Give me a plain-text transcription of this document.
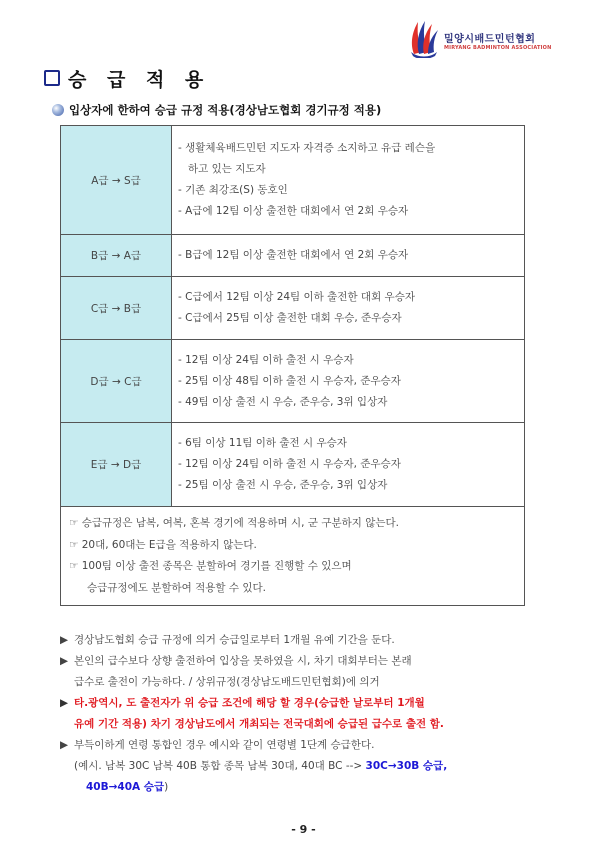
밀양시배드민턴협회
MIRYANG BADMINTON ASSOCIATION
승 급 적 용
입상자에 한하여 승급 규정 적용(경상남도협회 경기규정 적용)
A급 → S급	- 생활체육배드민턴 지도자 자격증 소지하고 유급 레슨을
하고 있는 지도자
- 기존 최강조(S) 동호인
- A급에 12팀 이상 출전한 대회에서 연 2회 우승자

B급 → A급	- B급에 12팀 이상 출전한 대회에서 연 2회 우승자

C급 → B급	- C급에서 12팀 이상 24팀 이하 출전한 대회 우승자
- C급에서 25팀 이상 출전한 대회 우승, 준우승자

D급 → C급	- 12팀 이상 24팀 이하 출전 시 우승자
- 25팀 이상 48팀 이하 출전 시 우승자, 준우승자
- 49팀 이상 출전 시 우승, 준우승, 3위 입상자

E급 → D급	- 6팀 이상 11팀 이하 출전 시 우승자
- 12팀 이상 24팀 이하 출전 시 우승자, 준우승자
- 25팀 이상 출전 시 우승, 준우승, 3위 입상자

☞ 승급규정은 남복, 여복, 혼복 경기에 적용하며 시, 군 구분하지 않는다.
☞ 20대, 60대는 E급을 적용하지 않는다.
☞ 100팀 이상 출전 종목은 분할하여 경기를 진행할 수 있으며
승급규정에도 분할하여 적용할 수 있다.	
▶ 경상남도협회 승급 규정에 의거 승급일로부터 1개월 유예 기간을 둔다.
▶ 본인의 급수보다 상향 출전하여 입상을 못하였을 시, 차기 대회부터는 본래
급수로 출전이 가능하다. / 상위규정(경상남도배드민턴협회)에 의거
▶ 타.광역시, 도 출전자가 위 승급 조건에 해당 할 경우(승급한 날로부터 1개월
유예 기간 적용) 차기 경상남도에서 개최되는 전국대회에 승급된 급수로 출전 함.
▶ 부득이하게 연령 통합인 경우 예시와 같이 연령별 1단계 승급한다.
(예시. 남복 30C 남복 40B 통합 종목 남복 30대, 40대 BC --> 30C→30B 승급,
40B→40A 승급)
- 9 -
